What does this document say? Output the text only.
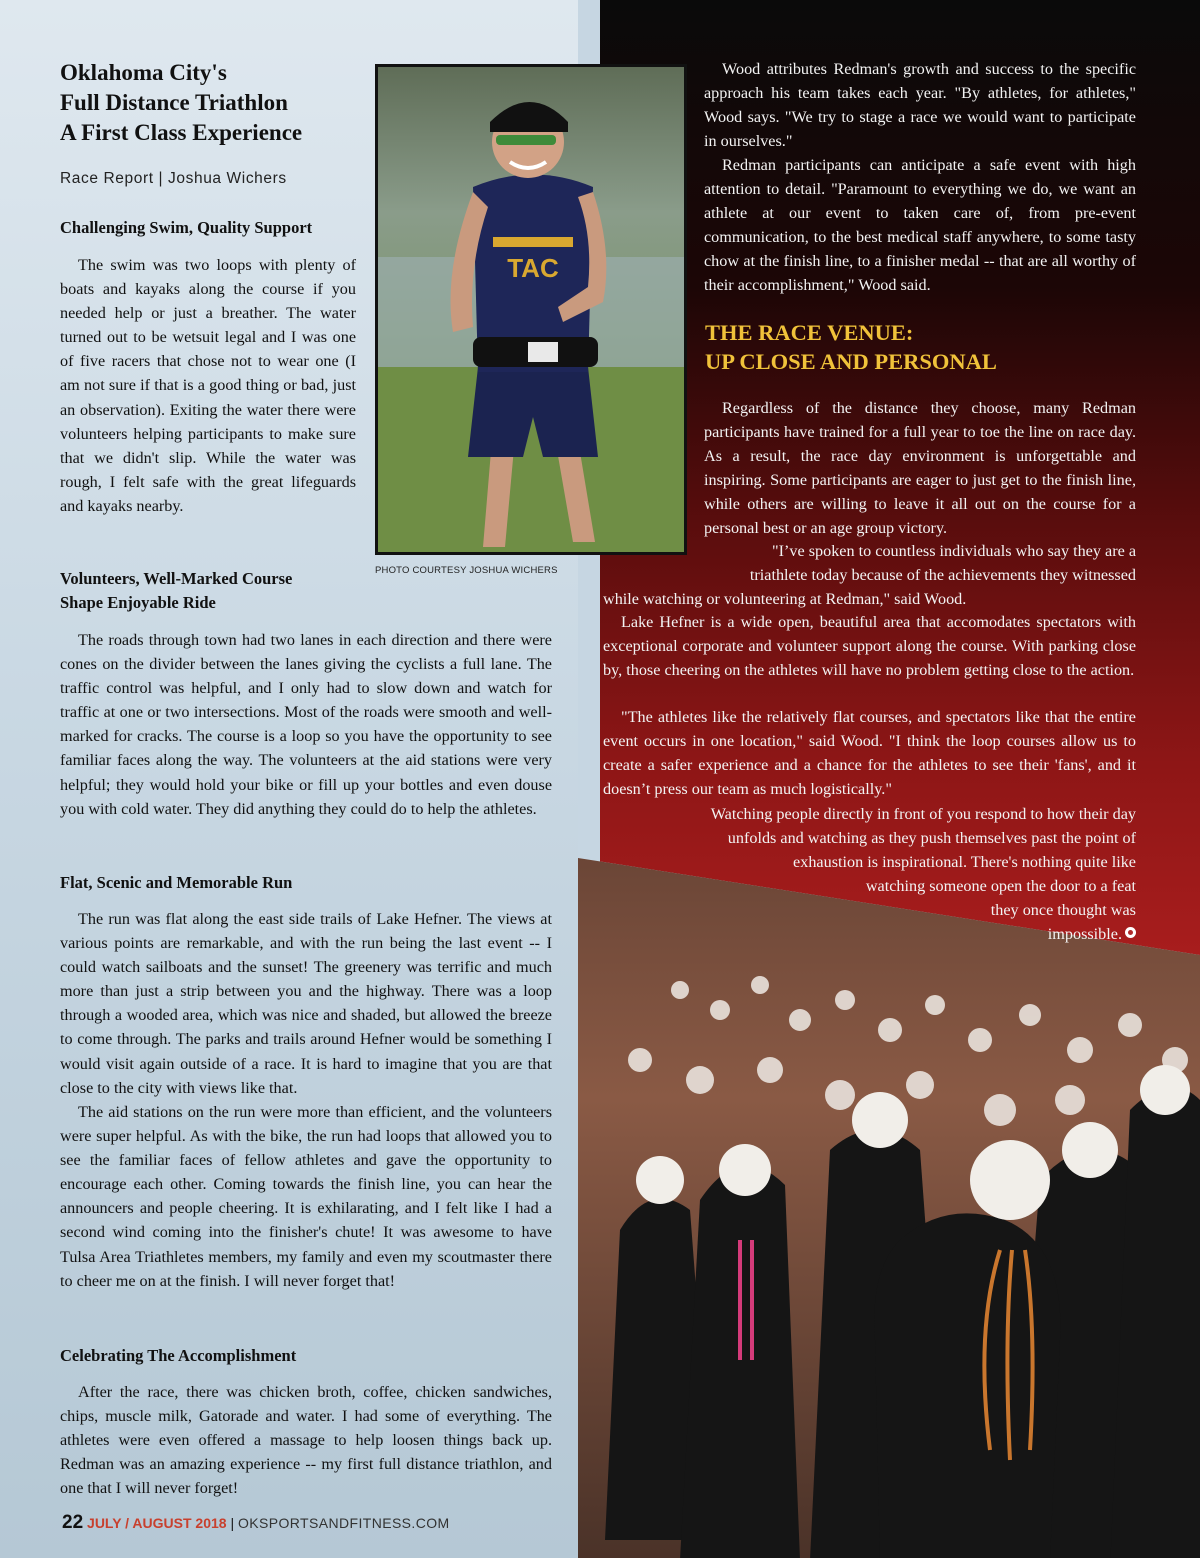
Oklahoma City's
Full Distance Triathlon
A First Class Experience
Race Report | Joshua Wichers
Challenging Swim, Quality Support

The swim was two loops with plenty of boats and kayaks along the course if you needed help or just a breather. The water turned out to be wetsuit legal and I was one of five racers that chose not to wear one (I am not sure if that is a good thing or bad, just an observation). Exiting the water there were volunteers helping participants to make sure that we didn't slip. While the water was rough, I felt safe with the great lifeguards and kayaks nearby.

TAC
PHOTO COURTESY JOSHUA WICHERS
Volunteers, Well-Marked Course
Shape Enjoyable Ride

The roads through town had two lanes in each direction and there were cones on the divider between the lanes giving the cyclists a full lane. The traffic control was helpful, and I only had to slow down and watch for traffic at one or two intersections. Most of the roads were smooth and well-marked for cracks. The course is a loop so you have the opportunity to see familiar faces along the way. The volunteers at the aid stations were very helpful; they would hold your bike or fill up your bottles and even douse you with cold water. They did anything they could do to help the athletes.

Flat, Scenic and Memorable Run

The run was flat along the east side trails of Lake Hefner. The views at various points are remarkable, and with the run being the last event -- I could watch sailboats and the sunset! The greenery was terrific and much more than just a strip between you and the highway. There was a loop through a wooded area, which was nice and shaded, but allowed the breeze to come through. The parks and trails around Hefner would be something I would visit again outside of a race. It is hard to imagine that you are that close to the city with views like that.

The aid stations on the run were more than efficient, and the volunteers were super helpful. As with the bike, the run had loops that allowed you to see the familiar faces of fellow athletes and gave the opportunity to encourage each other. Coming towards the finish line, you can hear the announcers and people cheering. It is exhilarating, and I felt like I had a second wind coming into the finisher's chute! It was awesome to have Tulsa Area Triathletes members, my family and even my scoutmaster there to cheer me on at the finish. I will never forget that!

Celebrating The Accomplishment

After the race, there was chicken broth, coffee, chicken sandwiches, chips, muscle milk, Gatorade and water. I had some of everything. The athletes were even offered a massage to help loosen things back up. Redman was an amazing experience -- my first full distance triathlon, and one that I will never forget!

Wood attributes Redman's growth and success to the specific approach his team takes each year. "By athletes, for athletes," Wood says. "We try to stage a race we would want to participate in ourselves."

Redman participants can anticipate a safe event with high attention to detail. "Paramount to everything we do, we want an athlete at our event to taken care of, from pre-event communication, to the best medical staff anywhere, to some tasty chow at the finish line, to a finisher medal -- that are all worthy of their accomplishment," Wood said.

THE RACE VENUE:
UP CLOSE AND PERSONAL

Regardless of the distance they choose, many Redman participants have trained for a full year to toe the line on race day. As a result, the race day environment is unforgettable and inspiring. Some participants are eager to just get to the finish line, while others are willing to leave it all out on the course for a personal best or an age group victory.

"I’ve spoken to countless individuals who say they are a
triathlete today because of the achievements they witnessed
while watching or volunteering at Redman," said Wood.

Lake Hefner is a wide open, beautiful area that accomodates spectators with exceptional corporate and volunteer support along the course. With parking close by, those cheering on the athletes will have no problem getting close to the action.

"The athletes like the relatively flat courses, and spectators like that the entire event occurs in one location," said Wood. "I think the loop courses allow us to create a safer experience and a chance for the athletes to see their 'fans', and it doesn’t press our team as much logistically."

Watching people directly in front of you respond to how their day
unfolds and watching as they push themselves past the point of
exhaustion is inspirational. There's nothing quite like
watching someone open the door to a feat
they once thought was
impossible.
22 JULY / AUGUST 2018 | OKSPORTSANDFITNESS.COM
